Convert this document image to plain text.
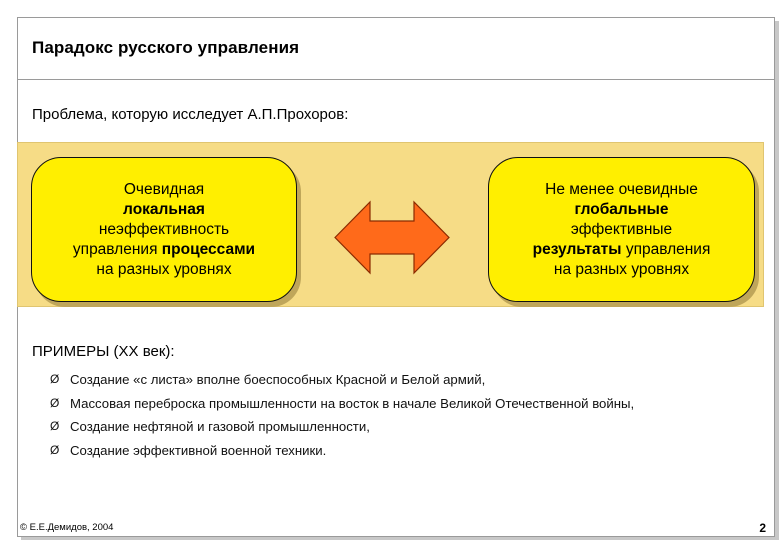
Парадокс русского управления
Проблема, которую исследует А.П.Прохоров:
Очевидная
локальная
неэффективность
управления процессами
на разных уровнях
Не менее очевидные
глобальные
эффективные
результаты управления
на разных уровнях
ПРИМЕРЫ (ХХ век):
Ø Создание «с листа» вполне боеспособных Красной и Белой армий,
Ø Массовая переброска промышленности на восток в начале Великой Отечественной войны,
Ø Создание нефтяной и газовой промышленности,
Ø Создание эффективной военной техники.
© Е.Е.Демидов, 2004	2
